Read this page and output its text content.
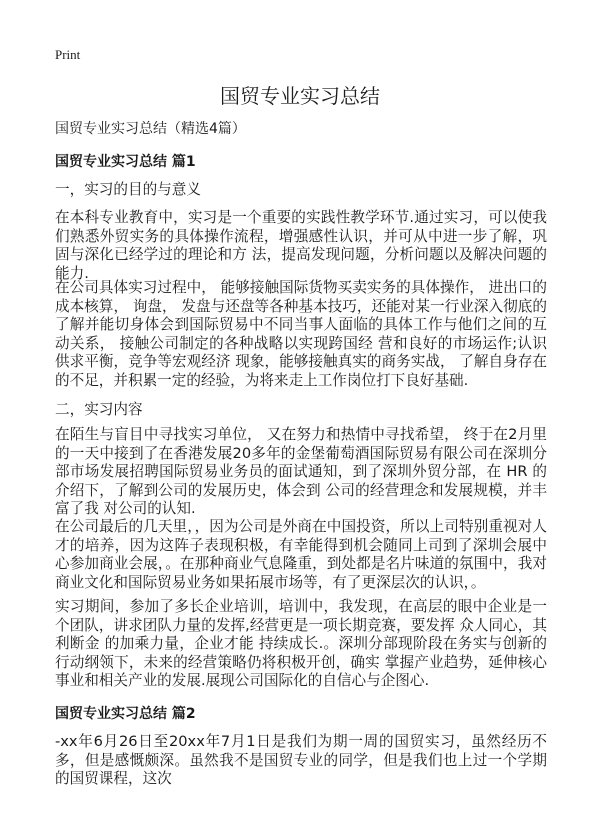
Print
国贸专业实习总结
国贸专业实习总结（精选4篇）
国贸专业实习总结 篇1
一，实习的目的与意义

在本科专业教育中，实习是一个重要的实践性教学环节.通过实习，可以使我们熟悉外贸实务的具体操作流程，增强感性认识，并可从中进一步了解，巩固与深化已经学过的理论和方 法，提高发现问题，分析问题以及解决问题的能力.

在公司具体实习过程中， 能够接触国际货物买卖实务的具体操作， 进出口的成本核算， 询盘， 发盘与还盘等各种基本技巧，还能对某一行业深入彻底的了解并能切身体会到国际贸易中不同当事人面临的具体工作与他们之间的互动关系， 接触公司制定的各种战略以实现跨国经 营和良好的市场运作;认识供求平衡，竞争等宏观经济 现象，能够接触真实的商务实战， 了解自身存在的不足，并积累一定的经验，为将来走上工作岗位打下良好基础.

二，实习内容

在陌生与盲目中寻找实习单位， 又在努力和热情中寻找希望， 终于在2月里的一天中接到了在香港发展20多年的金堡葡萄酒国际贸易有限公司在深圳分部市场发展招聘国际贸易业务员的面试通知，到了深圳外贸分部，在 HR 的介绍下，了解到公司的发展历史，体会到 公司的经营理念和发展规模，并丰富了我 对公司的认知.

在公司最后的几天里，，因为公司是外商在中国投资，所以上司特别重视对人才的培养，因为这阵子表现积极，有幸能得到机会随同上司到了深圳会展中心参加商业会展，。在那种商业气息隆重，到处都是名片味道的氛围中，我对商业文化和国际贸易业务如果拓展市场等，有了更深层次的认识，。

实习期间，参加了多长企业培训，培训中，我发现，在高层的眼中企业是一个团队，讲求团队力量的发挥,经营更是一项长期竞赛，要发挥 众人同心，其利断金 的加乘力量，企业才能 持续成长.。深圳分部现阶段在务实与创新的行动纲领下，未来的经营策略仍将积极开创，确实 掌握产业趋势，延伸核心 事业和相关产业的发展.展现公司国际化的自信心与企图心.

国贸专业实习总结 篇2

-xx年6月26日至20xx年7月1日是我们为期一周的国贸实习，虽然经历不多，但是感慨颇深。虽然我不是国贸专业的同学，但是我们也上过一个学期的国贸课程，这次
